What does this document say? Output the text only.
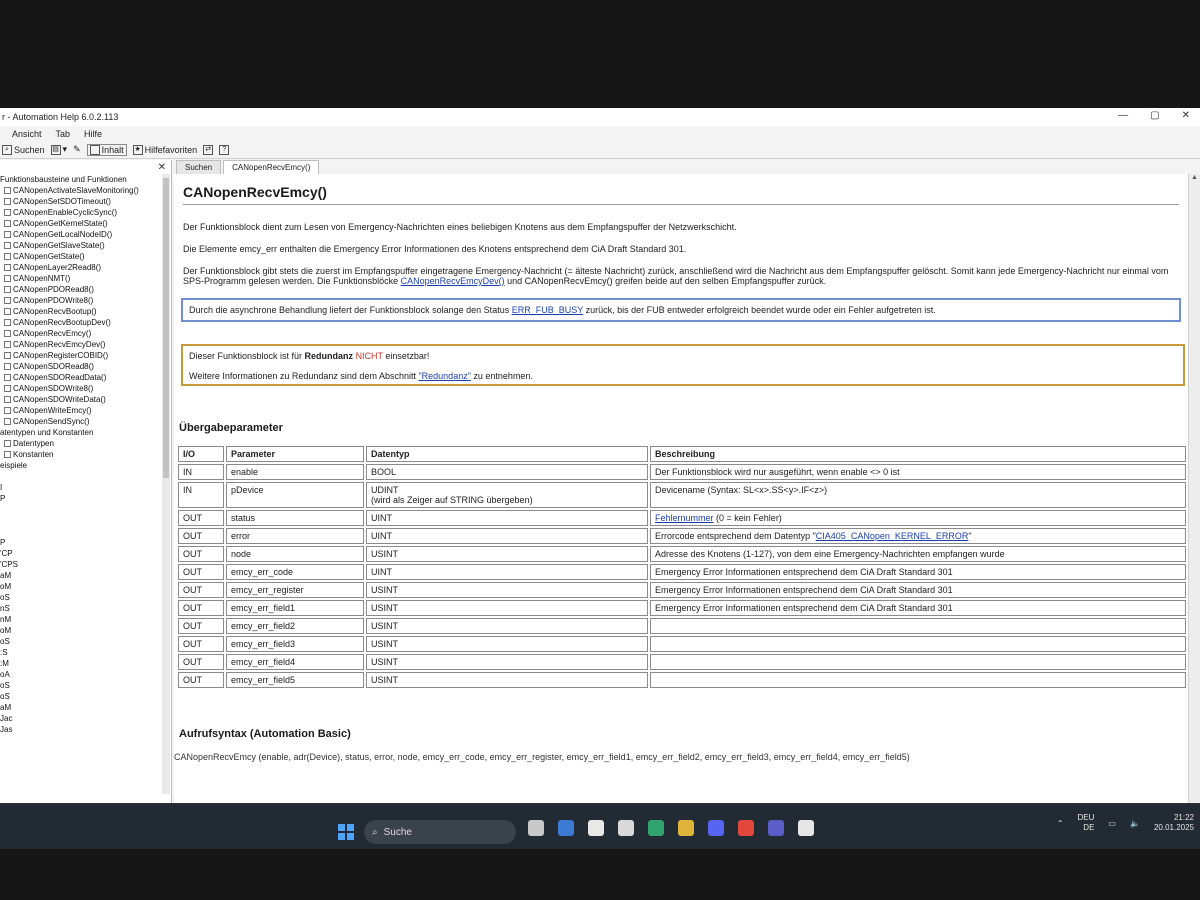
r - Automation Help 6.0.2.113	— ▢ ✕
Ansicht Tab Hilfe
⌕ Suchen ▤ ▾ ✎ Inhalt ★ Hilfefavoriten ⇄	?
✕
Funktionsbausteine und Funktionen
CANopenActivateSlaveMonitoring()
CANopenSetSDOTimeout()
CANopenEnableCyclicSync()
CANopenGetKernelState()
CANopenGetLocalNodeID()
CANopenGetSlaveState()
CANopenGetState()
CANopenLayer2Read8()
CANopenNMT()
CANopenPDORead8()
CANopenPDOWrite8()
CANopenRecvBootup()
CANopenRecvBootupDev()
CANopenRecvEmcy()
CANopenRecvEmcyDev()
CANopenRegisterCOBID()
CANopenSDORead8()
CANopenSDOReadData()
CANopenSDOWrite8()
CANopenSDOWriteData()
CANopenWriteEmcy()
CANopenSendSync()
atentypen und Konstanten
Datentypen
Konstanten
eispiele
I
P
P
'CP
'CPS
aM
oM
oS
nS
nM
oM
oS
:S
:M
oA
oS
oS
aM
Jac
Jas
Suchen	CANopenRecvEmcy()
CANopenRecvEmcy()
Der Funktionsblock dient zum Lesen von Emergency-Nachrichten eines beliebigen Knotens aus dem Empfangspuffer der Netzwerkschicht.
Die Elemente emcy_err enthalten die Emergency Error Informationen des Knotens entsprechend dem CiA Draft Standard 301.
Der Funktionsblock gibt stets die zuerst im Empfangspuffer eingetragene Emergency-Nachricht (= älteste Nachricht) zurück, anschließend wird die Nachricht aus dem Empfangspuffer gelöscht. Somit kann jede Emergency-Nachricht nur einmal vom SPS-Programm gelesen werden. Die Funktionsblöcke CANopenRecvEmcyDev() und CANopenRecvEmcy() greifen beide auf den selben Empfangspuffer zurück.
Durch die asynchrone Behandlung liefert der Funktionsblock solange den Status ERR_FUB_BUSY zurück, bis der FUB entweder erfolgreich beendet wurde oder ein Fehler aufgetreten ist.
Dieser Funktionsblock ist für Redundanz NICHT einsetzbar!
Weitere Informationen zu Redundanz sind dem Abschnitt "Redundanz" zu entnehmen.
Übergabeparameter
I/O	Parameter	Datentyp	Beschreibung
IN	enable	BOOL	Der Funktionsblock wird nur ausgeführt, wenn enable <> 0 ist
IN	pDevice	UDINT
(wird als Zeiger auf STRING übergeben)	Devicename (Syntax: SL<x>.SS<y>.IF<z>)
OUT	status	UINT	Fehlernummer (0 = kein Fehler)
OUT	error	UINT	Errorcode entsprechend dem Datentyp "CIA405_CANopen_KERNEL_ERROR"
OUT	node	USINT	Adresse des Knotens (1-127), von dem eine Emergency-Nachrichten empfangen wurde
OUT	emcy_err_code	UINT	Emergency Error Informationen entsprechend dem CiA Draft Standard 301
OUT	emcy_err_register	USINT	Emergency Error Informationen entsprechend dem CiA Draft Standard 301
OUT	emcy_err_field1	USINT	Emergency Error Informationen entsprechend dem CiA Draft Standard 301
OUT	emcy_err_field2	USINT	
OUT	emcy_err_field3	USINT	
OUT	emcy_err_field4	USINT	
OUT	emcy_err_field5	USINT	
Aufrufsyntax (Automation Basic)
CANopenRecvEmcy (enable, adr(Device), status, error, node, emcy_err_code, emcy_err_register, emcy_err_field1, emcy_err_field2, emcy_err_field3, emcy_err_field4, emcy_err_field5)
▲
⌕ Suche
⌃
DEU
DE ▭ 🔈
21:22
20.01.2025
